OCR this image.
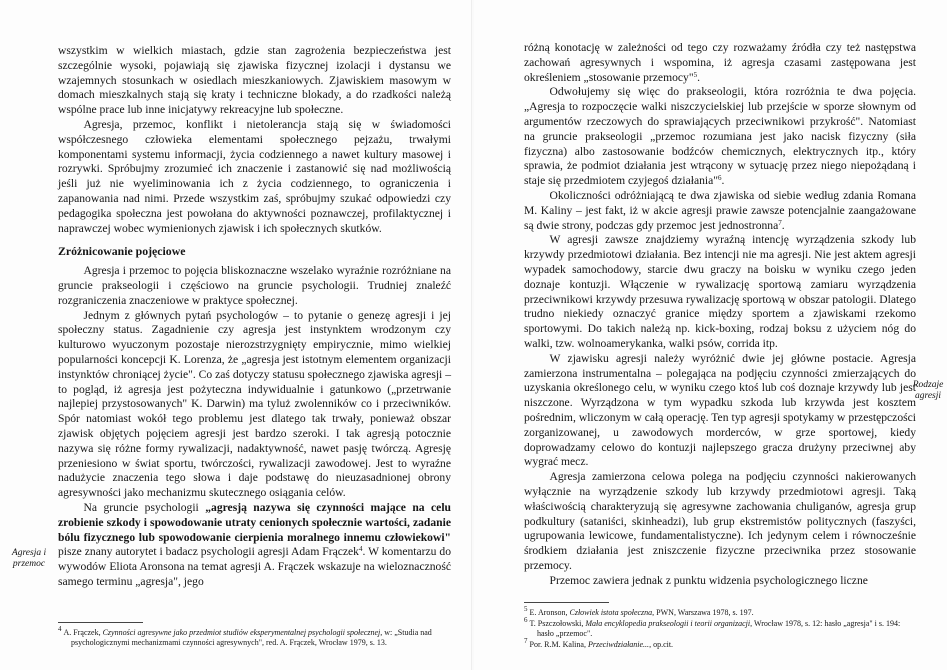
wszystkim w wielkich miastach, gdzie stan zagrożenia bezpieczeństwa jest szczególnie wysoki, pojawiają się zjawiska fizycznej izolacji i dystansu we wzajemnych stosunkach w osiedlach mieszkaniowych. Zjawiskiem masowym w domach mieszkalnych stają się kraty i techniczne blokady, a do rzadkości należą wspólne prace lub inne inicjatywy rekreacyjne lub społeczne.

Agresja, przemoc, konflikt i nietolerancja stają się w świadomości współczesnego człowieka elementami społecznego pejzażu, trwałymi komponentami systemu informacji, życia codziennego a nawet kultury masowej i rozrywki. Spróbujmy zrozumieć ich znaczenie i zastanowić się nad możliwością jeśli już nie wyeliminowania ich z życia codziennego, to ograniczenia i zapanowania nad nimi. Przede wszystkim zaś, spróbujmy szukać odpowiedzi czy pedagogika społeczna jest powołana do aktywności poznawczej, profilaktycznej i naprawczej wobec wymienionych zjawisk i ich społecznych skutków.

Zróżnicowanie pojęciowe

Agresja i przemoc to pojęcia bliskoznaczne wszelako wyraźnie rozróżniane na gruncie prakseologii i częściowo na gruncie psychologii. Trudniej znaleźć rozgraniczenia znaczeniowe w praktyce społecznej.

Jednym z głównych pytań psychologów – to pytanie o genezę agresji i jej społeczny status. Zagadnienie czy agresja jest instynktem wrodzonym czy kulturowo wyuczonym pozostaje nierozstrzygnięty empirycznie, mimo wielkiej popularności koncepcji K. Lorenza, że „agresja jest istotnym elementem organizacji instynktów chroniącej życie". Co zaś dotyczy statusu społecznego zjawiska agresji – to pogląd, iż agresja jest pożyteczna indywidualnie i gatunkowo („przetrwanie najlepiej przystosowanych" K. Darwin) ma tyluż zwolenników co i przeciwników. Spór natomiast wokół tego problemu jest dlatego tak trwały, ponieważ obszar zjawisk objętych pojęciem agresji jest bardzo szeroki. I tak agresją potocznie nazywa się różne formy rywalizacji, nadaktywność, nawet pasję twórczą. Agresję przeniesiono w świat sportu, twórczości, rywalizacji zawodowej. Jest to wyraźne nadużycie znaczenia tego słowa i daje podstawę do nieuzasadnionej obrony agresywności jako mechanizmu skutecznego osiągania celów.

Na gruncie psychologii „agresją nazywa się czynności mające na celu zrobienie szkody i spowodowanie utraty cenionych społecznie wartości, zadanie bólu fizycznego lub spowodowanie cierpienia moralnego innemu człowiekowi" pisze znany autorytet i badacz psychologii agresji Adam Frączek$^4$. W komentarzu do wywodów Eliota Aronsona na temat agresji A. Frączek wskazuje na wieloznaczność samego terminu „agresja", jego

Agresja i przemoc

$^4$ A. Frączek, Czynności agresywne jako przedmiot studiów eksperymentalnej psychologii społecznej, w: „Studia nad psychologicznymi mechanizmami czynności agresywnych", red. A. Frączek, Wrocław 1979, s. 13.

różną konotację w zależności od tego czy rozważamy źródła czy też następstwa zachowań agresywnych i wspomina, iż agresja czasami zastępowana jest określeniem „stosowanie przemocy"$^5$.

Odwołujemy się więc do prakseologii, która rozróżnia te dwa pojęcia. „Agresja to rozpoczęcie walki niszczycielskiej lub przejście w sporze słownym od argumentów rzeczowych do sprawiających przeciwnikowi przykrość". Natomiast na gruncie prakseologii „przemoc rozumiana jest jako nacisk fizyczny (siła fizyczna) albo zastosowanie bodźców chemicznych, elektrycznych itp., który sprawia, że podmiot działania jest wtrącony w sytuację przez niego niepożądaną i staje się przedmiotem czyjegoś działania"$^6$.

Okoliczności odróżniającą te dwa zjawiska od siebie według zdania Romana M. Kaliny – jest fakt, iż w akcie agresji prawie zawsze potencjalnie zaangażowane są dwie strony, podczas gdy przemoc jest jednostronna$^7$.

W agresji zawsze znajdziemy wyraźną intencję wyrządzenia szkody lub krzywdy przedmiotowi działania. Bez intencji nie ma agresji. Nie jest aktem agresji wypadek samochodowy, starcie dwu graczy na boisku w wyniku czego jeden doznaje kontuzji. Włączenie w rywalizację sportową zamiaru wyrządzenia przeciwnikowi krzywdy przesuwa rywalizację sportową w obszar patologii. Dlatego trudno niekiedy oznaczyć granice między sportem a zjawiskami rzekomo sportowymi. Do takich należą np. kick-boxing, rodzaj boksu z użyciem nóg do walki, tzw. wolnoamerykanka, walki psów, corrida itp.

W zjawisku agresji należy wyróżnić dwie jej główne postacie. Agresja zamierzona instrumentalna – polegająca na podjęciu czynności zmierzających do uzyskania określonego celu, w wyniku czego ktoś lub coś doznaje krzywdy lub jest niszczone. Wyrządzona w tym wypadku szkoda lub krzywda jest kosztem pośrednim, wliczonym w całą operację. Ten typ agresji spotykamy w przestępczości zorganizowanej, u zawodowych morderców, w grze sportowej, kiedy doprowadzamy celowo do kontuzji najlepszego gracza drużyny przeciwnej aby wygrać mecz.

Agresja zamierzona celowa polega na podjęciu czynności nakierowanych wyłącznie na wyrządzenie szkody lub krzywdy przedmiotowi agresji. Taką właściwością charakteryzują się agresywne zachowania chuliganów, agresja grup podkultury (sataniści, skinheadzi), lub grup ekstremistów politycznych (faszyści, ugrupowania lewicowe, fundamentalistyczne). Ich jedynym celem i równocześnie środkiem działania jest zniszczenie fizyczne przeciwnika przez stosowanie przemocy.

Przemoc zawiera jednak z punktu widzenia psychologicznego liczne

Rodzaje agresji

$^5$ E. Aronson, Człowiek istota społeczna, PWN, Warszawa 1978, s. 197.

$^6$ T. Pszczołowski, Mała encyklopedia prakseologii i teorii organizacji, Wrocław 1978, s. 12: hasło „agresja" i s. 194: hasło „przemoc".

$^7$ Por. R.M. Kalina, Przeciwdziałanie..., op.cit.
